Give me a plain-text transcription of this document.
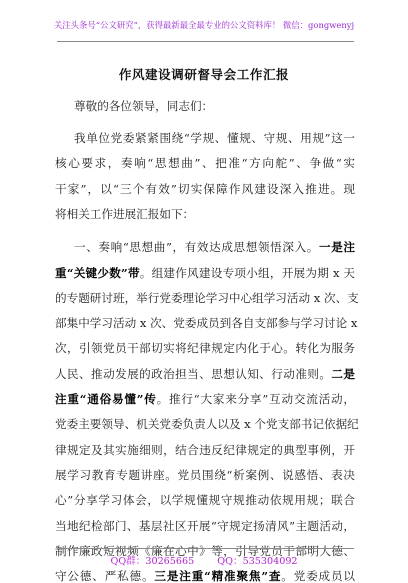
关注头条号“公文研究”，获得最新最全最专业的公文资料库！ 微信：gongwenyj
作风建设调研督导会工作汇报
尊敬的各位领导，同志们：
我单位党委紧紧围绕“学规、懂规、守规、用规”这一
核心要求，奏响“思想曲”、把准“方向舵”、争做“实
干家”，以“三个有效”切实保障作风建设深入推进。现
将相关工作进展汇报如下：
一、奏响“思想曲”，有效达成思想领悟深入。一是注
重“关键少数”带。组建作风建设专项小组，开展为期 x 天
的专题研讨班，举行党委理论学习中心组学习活动 x 次、支
部集中学习活动 x 次、党委成员到各自支部参与学习讨论 x
次，引领党员干部切实将纪律规定内化于心。转化为服务
人民、推动发展的政治担当、思想认知、行动准则。二是
注重“通俗易懂”传。推行“大家来分享”互动交流活动，
党委主要领导、机关党委负责人以及 x 个党支部书记依据纪
律规定及其实施细则，结合违反纪律规定的典型事例，开
展学习教育专题讲座。党员围绕“析案例、说感悟、表决
心”分享学习体会，以学规懂规守规推动依规用规；联合
当地纪检部门、基层社区开展“守规定扬清风”主题活动，
制作廉政短视频《廉在心中》等，引导党员干部明大德、
守公德、严私德。三是注重“精准聚焦”查。党委成员以
QQ群：30265665 QQ：535304092
